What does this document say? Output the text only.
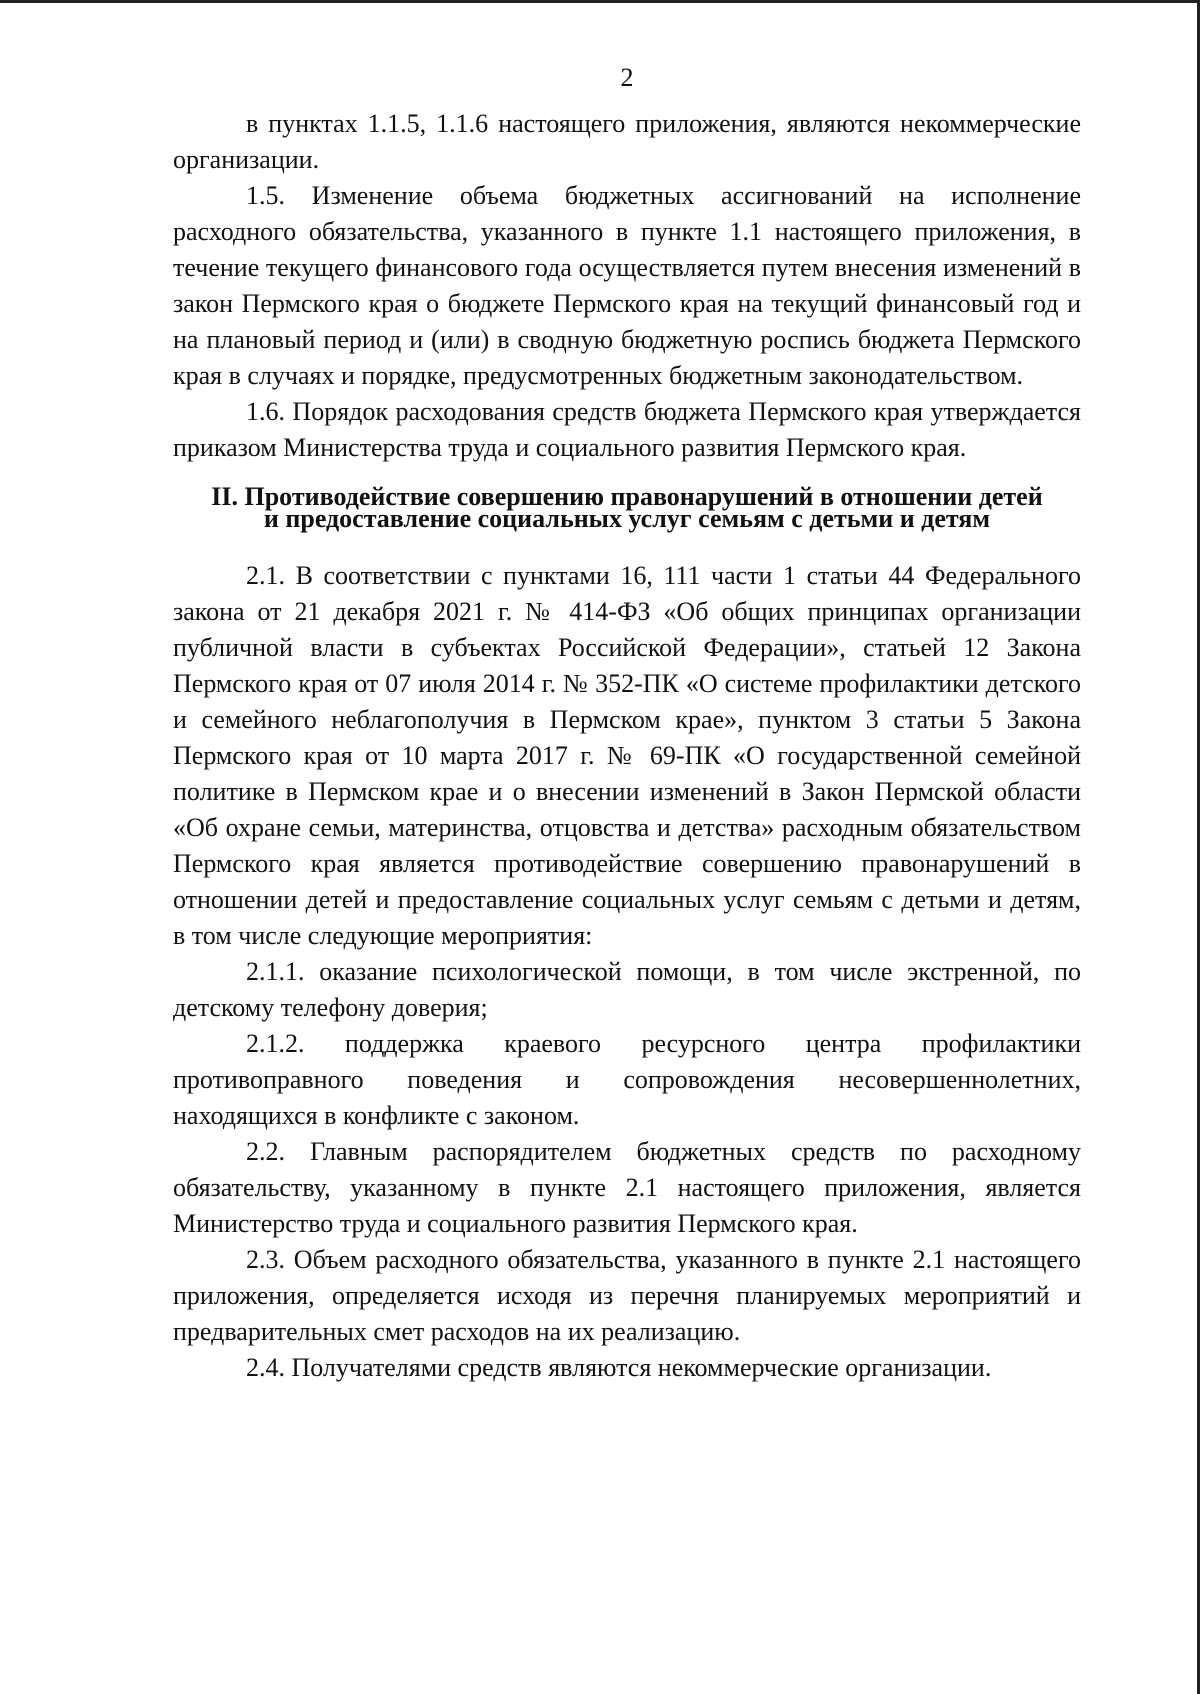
2

в пунктах 1.1.5, 1.1.6 настоящего приложения, являются некоммерческие организации.

1.5. Изменение объема бюджетных ассигнований на исполнение расходного обязательства, указанного в пункте 1.1 настоящего приложения, в течение текущего финансового года осуществляется путем внесения изменений в закон Пермского края о бюджете Пермского края на текущий финансовый год и на плановый период и (или) в сводную бюджетную роспись бюджета Пермского края в случаях и порядке, предусмотренных бюджетным законодательством.

1.6. Порядок расходования средств бюджета Пермского края утверждается приказом Министерства труда и социального развития Пермского края.

II. Противодействие совершению правонарушений в отношении детей
и предоставление социальных услуг семьям с детьми и детям

2.1. В соответствии с пунктами 16, 111 части 1 статьи 44 Федерального закона от 21 декабря 2021 г. № 414-ФЗ «Об общих принципах организации публичной власти в субъектах Российской Федерации», статьей 12 Закона Пермского края от 07 июля 2014 г. № 352-ПК «О системе профилактики детского и семейного неблагополучия в Пермском крае», пунктом 3 статьи 5 Закона Пермского края от 10 марта 2017 г. № 69-ПК «О государственной семейной политике в Пермском крае и о внесении изменений в Закон Пермской области «Об охране семьи, материнства, отцовства и детства» расходным обязательством Пермского края является противодействие совершению правонарушений в отношении детей и предоставление социальных услуг семьям с детьми и детям, в том числе следующие мероприятия:

2.1.1. оказание психологической помощи, в том числе экстренной, по детскому телефону доверия;

2.1.2. поддержка краевого ресурсного центра профилактики противоправного поведения и сопровождения несовершеннолетних, находящихся в конфликте с законом.

2.2. Главным распорядителем бюджетных средств по расходному обязательству, указанному в пункте 2.1 настоящего приложения, является Министерство труда и социального развития Пермского края.

2.3. Объем расходного обязательства, указанного в пункте 2.1 настоящего приложения, определяется исходя из перечня планируемых мероприятий и предварительных смет расходов на их реализацию.

2.4. Получателями средств являются некоммерческие организации.
